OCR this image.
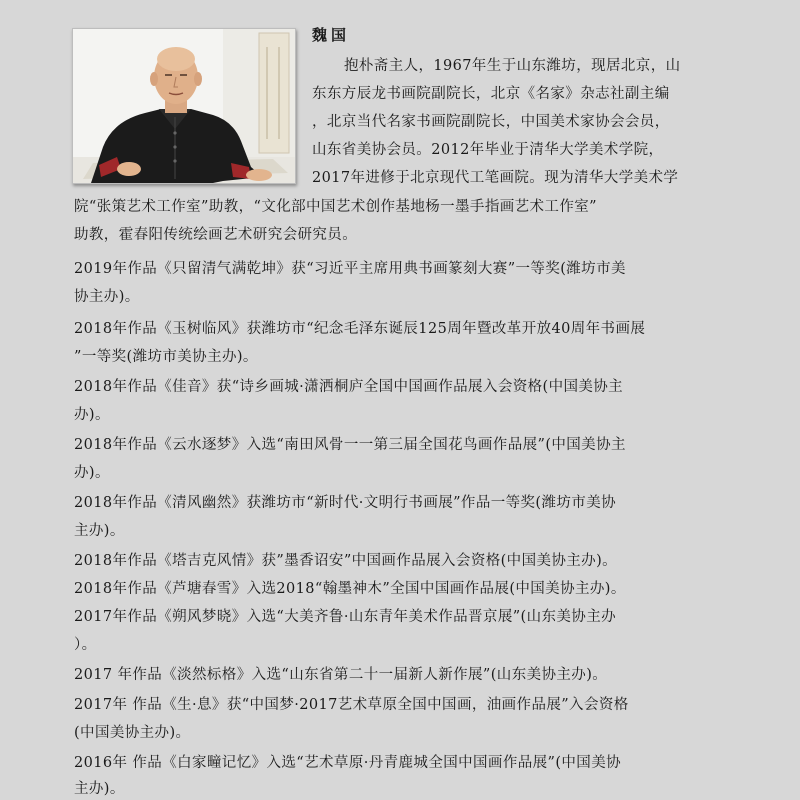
魏国
抱朴斋主人，1967年生于山东潍坊，现居北京，山
东东方辰龙书画院副院长，北京《名家》杂志社副主编
，北京当代名家书画院副院长，中国美术家协会会员，
山东省美协会员。2012年毕业于清华大学美术学院，
2017年进修于北京现代工笔画院。现为清华大学美术学
院“张策艺术工作室”助教，“文化部中国艺术创作基地杨一墨手指画艺术工作室”
助教，霍春阳传统绘画艺术研究会研究员。
2019年作品《只留清气满乾坤》获“习近平主席用典书画篆刻大赛”一等奖(潍坊市美
协主办)。
2018年作品《玉树临风》获潍坊市“纪念毛泽东诞辰125周年暨改革开放40周年书画展
”一等奖(潍坊市美协主办)。
2018年作品《佳音》获“诗乡画城·潇洒桐庐全国中国画作品展入会资格(中国美协主
办)。
2018年作品《云水逐梦》入选“南田风骨一一第三届全国花鸟画作品展”(中国美协主
办)。
2018年作品《清风幽然》获潍坊市“新时代·文明行书画展”作品一等奖(潍坊市美协
主办)。
2018年作品《塔吉克风情》获”墨香诏安”中国画作品展入会资格(中国美协主办)。
2018年作品《芦塘春雪》入选2018“翰墨神木”全国中国画作品展(中国美协主办)。
2017年作品《朔风梦晓》入选“大美齐鲁·山东青年美术作品晋京展”(山东美协主办
）。
2017 年作品《淡然标格》入选“山东省第二十一届新人新作展”(山东美协主办)。
2017年 作品《生·息》获“中国梦·2017艺术草原全国中国画，油画作品展”入会资格
(中国美协主办)。
2016年 作品《白家疃记忆》入选“艺术草原·丹青鹿城全国中国画作品展”(中国美协
主办)。
